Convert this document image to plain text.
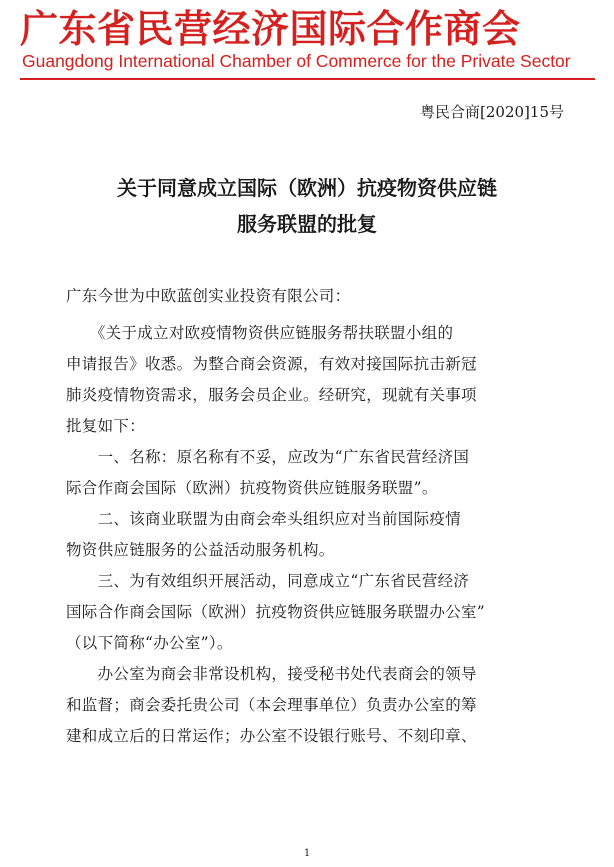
广东省民营经济国际合作商会
Guangdong International Chamber of Commerce for the Private Sector
粤民合商[2020]15号
关于同意成立国际（欧洲）抗疫物资供应链
服务联盟的批复
广东今世为中欧蓝创实业投资有限公司：
　　《关于成立对欧疫情物资供应链服务帮扶联盟小组的
申请报告》收悉。为整合商会资源，有效对接国际抗击新冠
肺炎疫情物资需求，服务会员企业。经研究，现就有关事项
批复如下：
　　一、名称：原名称有不妥，应改为“广东省民营经济国
际合作商会国际（欧洲）抗疫物资供应链服务联盟”。
　　二、该商业联盟为由商会牵头组织应对当前国际疫情
物资供应链服务的公益活动服务机构。
　　三、为有效组织开展活动，同意成立“广东省民营经济
国际合作商会国际（欧洲）抗疫物资供应链服务联盟办公室”
（以下简称“办公室”）。
　　办公室为商会非常设机构，接受秘书处代表商会的领导
和监督；商会委托贵公司（本会理事单位）负责办公室的筹
建和成立后的日常运作；办公室不设银行账号、不刻印章、
1
